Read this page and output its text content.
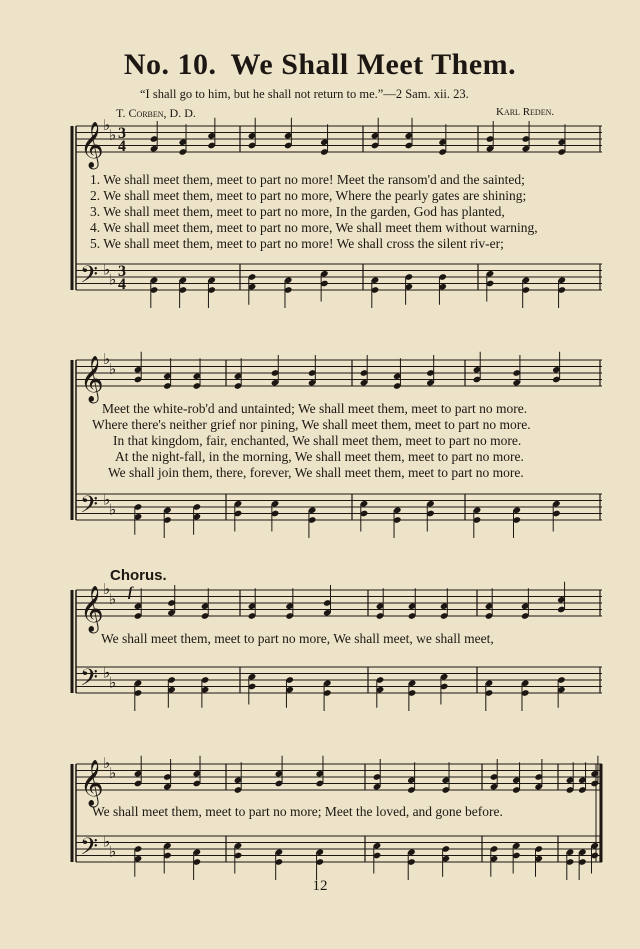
No. 10. We Shall Meet Them.
“I shall go to him, but he shall not return to me.”—2 Sam. xii. 23.
T. Corben, D. D.	Karl Reden.
𝄞
𝄢
♭
♭
♭
♭
3
4
3
4
𝄞
𝄢
♭
♭
♭
♭
𝄞
𝄢
♭
♭
♭
♭
𝄞
𝄢
♭
♭
♭
♭
f
1. We shall meet them, meet to part no more! Meet the ransom'd and the sainted;
2. We shall meet them, meet to part no more, Where the pearly gates are shining;
3. We shall meet them, meet to part no more, In the garden, God has planted,
4. We shall meet them, meet to part no more, We shall meet them without warning,
5. We shall meet them, meet to part no more! We shall cross the silent riv-er;
Meet the white-rob'd and untainted; We shall meet them, meet to part no more.
Where there's neither grief nor pining, We shall meet them, meet to part no more.
In that kingdom, fair, enchanted, We shall meet them, meet to part no more.
At the night-fall, in the morning, We shall meet them, meet to part no more.
We shall join them, there, forever, We shall meet them, meet to part no more.
Chorus.
We shall meet them, meet to part no more, We shall meet, we shall meet,
We shall meet them, meet to part no more; Meet the loved, and gone before.
12
